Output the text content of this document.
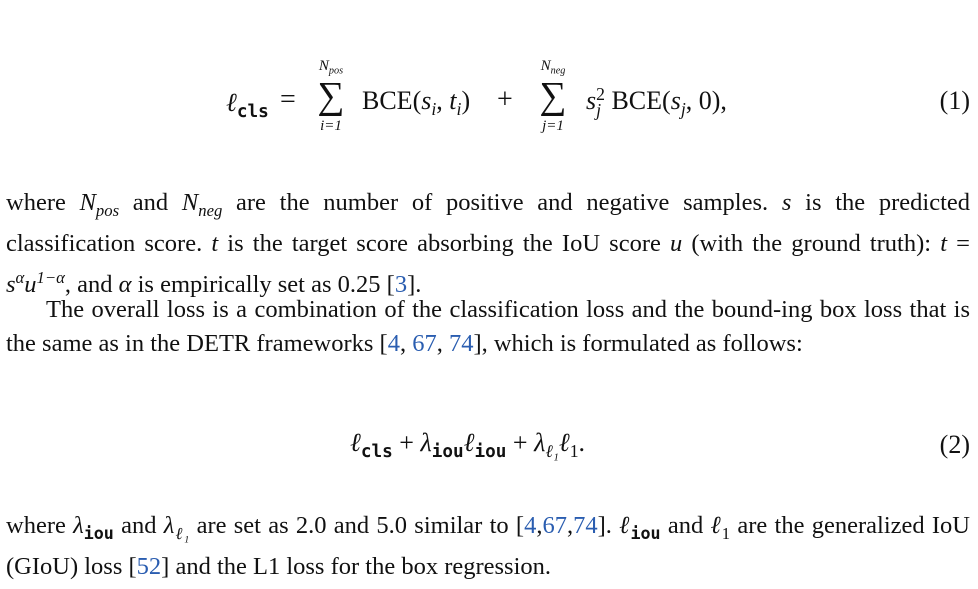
ℓ$_{cls}$ =
$N_{pos}$
∑
i=1
$BCE(s_i$, $t_i$) +
$N_{neg}$
∑
j=1
s 2
j $BCE(s_j$, 0),	(1)

where $N_{pos}$ and $N_{neg}$ are the number of positive and negative samples. s is the predicted classification score. t is the target score absorbing the IoU score u (with the ground truth): $t = s^\alpha u^{1-\alpha}$, and α is empirically set as 0.25 [3].

The overall loss is a combination of the classification loss and the bound-ing box loss that is the same as in the DETR frameworks [4, 67, 74], which is formulated as follows:

ℓ$_{cls}$ + $\lambda_{iou}\ell_{iou}$ + $\lambda_{\ell_1}\ell_1$.	(2)

where $\lambda_{iou}$ and $\lambda_{\ell_1}$ are set as 2.0 and 5.0 similar to [4,67,74]. ℓ$_{iou}$ and ℓ$_1$ are the generalized IoU (GIoU) loss [52] and the L1 loss for the box regression.
